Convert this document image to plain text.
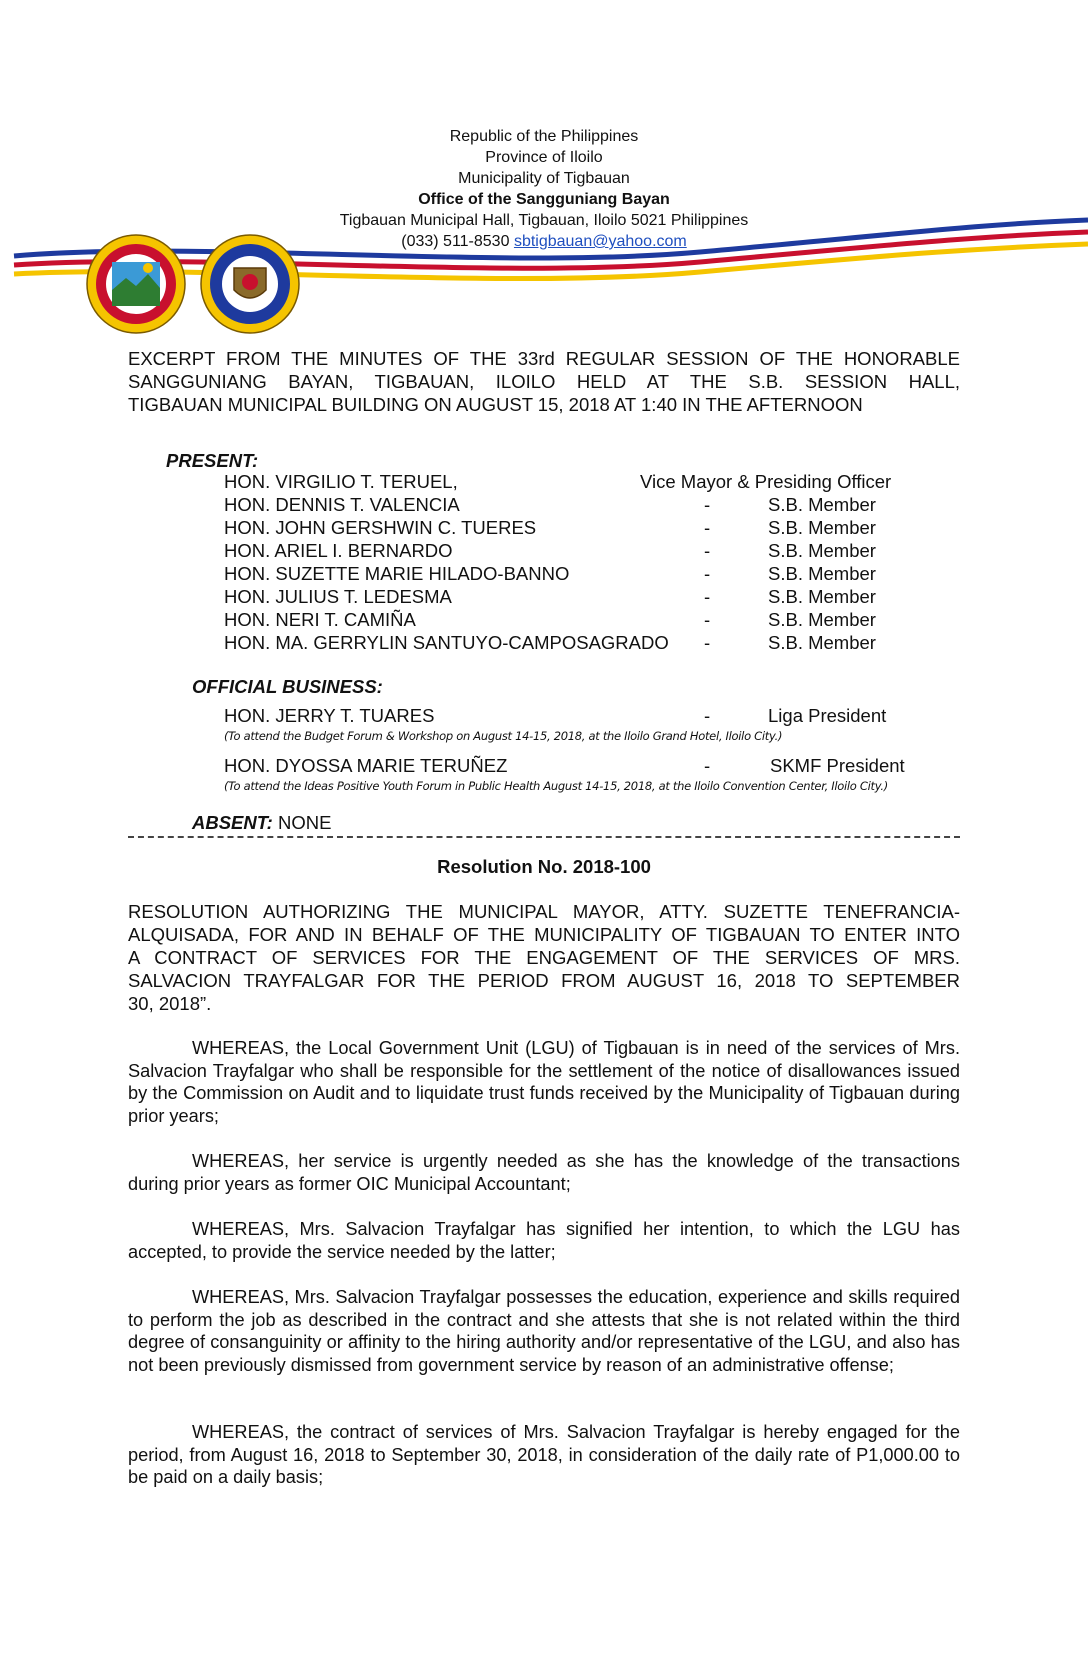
Republic of the Philippines
Province of Iloilo
Municipality of Tigbauan
Office of the Sangguniang Bayan
Tigbauan Municipal Hall, Tigbauan, Iloilo 5021 Philippines
(033) 511-8530 sbtigbauan@yahoo.com
EXCERPT FROM THE MINUTES OF THE 33rd REGULAR SESSION OF THE HONORABLE
SANGGUNIANG BAYAN, TIGBAUAN, ILOILO HELD AT THE S.B. SESSION HALL,
TIGBAUAN MUNICIPAL BUILDING ON AUGUST 15, 2018 AT 1:40 IN THE AFTERNOON
PRESENT:
HON. VIRGILIO T. TERUEL,	Vice Mayor & Presiding Officer
HON. DENNIS T. VALENCIA	-	S.B. Member
HON. JOHN GERSHWIN C. TUERES	-	S.B. Member
HON. ARIEL I. BERNARDO	-	S.B. Member
HON. SUZETTE MARIE HILADO-BANNO	-	S.B. Member
HON. JULIUS T. LEDESMA	-	S.B. Member
HON. NERI T. CAMIÑA	-	S.B. Member
HON. MA. GERRYLIN SANTUYO-CAMPOSAGRADO -	S.B. Member
OFFICIAL BUSINESS:
HON. JERRY T. TUARES	-	Liga President
(To attend the Budget Forum & Workshop on August 14-15, 2018, at the Iloilo Grand Hotel, Iloilo City.)
HON. DYOSSA MARIE TERUÑEZ	-	SKMF President
(To attend the Ideas Positive Youth Forum in Public Health August 14-15, 2018, at the Iloilo Convention Center, Iloilo City.)
ABSENT: NONE
Resolution No. 2018-100
RESOLUTION AUTHORIZING THE MUNICIPAL MAYOR, ATTY. SUZETTE TENEFRANCIA-
ALQUISADA, FOR AND IN BEHALF OF THE MUNICIPALITY OF TIGBAUAN TO ENTER INTO
A CONTRACT OF SERVICES FOR THE ENGAGEMENT OF THE SERVICES OF MRS.
SALVACION TRAYFALGAR FOR THE PERIOD FROM AUGUST 16, 2018 TO SEPTEMBER
30, 2018”.
WHEREAS, the Local Government Unit (LGU) of Tigbauan is in need of the services of Mrs. Salvacion Trayfalgar who shall be responsible for the settlement of the notice of disallowances issued by the Commission on Audit and to liquidate trust funds received by the Municipality of Tigbauan during prior years;
WHEREAS, her service is urgently needed as she has the knowledge of the transactions during prior years as former OIC Municipal Accountant;
WHEREAS, Mrs. Salvacion Trayfalgar has signified her intention, to which the LGU has accepted, to provide the service needed by the latter;
WHEREAS, Mrs. Salvacion Trayfalgar possesses the education, experience and skills required to perform the job as described in the contract and she attests that she is not related within the third degree of consanguinity or affinity to the hiring authority and/or representative of the LGU, and also has not been previously dismissed from government service by reason of an administrative offense;
WHEREAS, the contract of services of Mrs. Salvacion Trayfalgar is hereby engaged for the period, from August 16, 2018 to September 30, 2018, in consideration of the daily rate of P1,000.00 to be paid on a daily basis;
